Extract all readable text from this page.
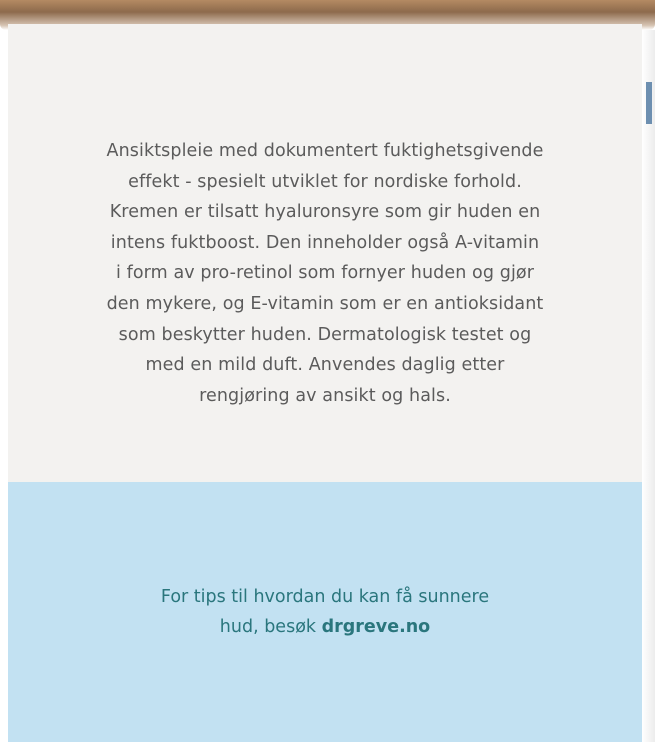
Ansiktspleie med dokumentert fuktighetsgivende
effekt - spesielt utviklet for nordiske forhold.
Kremen er tilsatt hyaluronsyre som gir huden en
intens fuktboost. Den inneholder også A-vitamin
i form av pro-retinol som fornyer huden og gjør
den mykere, og E-vitamin som er en antioksidant
som beskytter huden. Dermatologisk testet og
med en mild duft. Anvendes daglig etter
rengjøring av ansikt og hals.

For tips til hvordan du kan få sunnere
hud, besøk drgreve.no
